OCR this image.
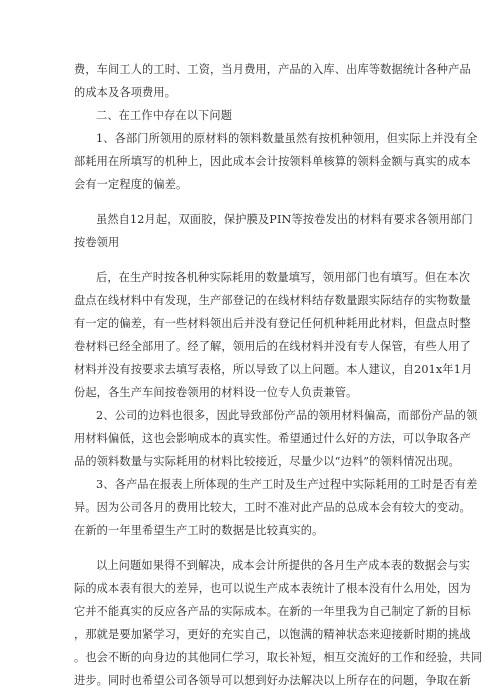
费，车间工人的工时、工资，当月费用，产品的入库、出库等数据统计各种产品
的成本及各项费用。
二、在工作中存在以下问题
1、各部门所领用的原材料的领料数量虽然有按机种领用，但实际上并没有全
部耗用在所填写的机种上，因此成本会计按领料单核算的领料金额与真实的成本
会有一定程度的偏差。
虽然自12月起，双面胶，保护膜及PIN等按卷发出的材料有要求各领用部门
按卷领用
后，在生产时按各机种实际耗用的数量填写，领用部门也有填写。但在本次
盘点在线材料中有发现，生产部登记的在线材料结存数量跟实际结存的实物数量
有一定的偏差，有一些材料领出后并没有登记任何机种耗用此材料，但盘点时整
卷材料已经全部用了。经了解，领用后的在线材料并没有专人保管，有些人用了
材料并没有按要求去填写表格，所以导致了以上问题。本人建议，自201x年1月
份起，各生产车间按卷领用的材料设一位专人负责兼管。
2、公司的边料也很多，因此导致部份产品的领用材料偏高，而部份产品的领
用材料偏低，这也会影响成本的真实性。希望通过什么好的方法，可以争取各产
品的领料数量与实际耗用的材料比较接近，尽量少以“边料”的领料情况出现。
3、各产品在报表上所体现的生产工时及生产过程中实际耗用的工时是否有差
异。因为公司各月的费用比较大，工时不准对此产品的总成本会有较大的变动。
在新的一年里希望生产工时的数据是比较真实的。
以上问题如果得不到解决，成本会计所提供的各月生产成本表的数据会与实
际的成本表有很大的差异，也可以说生产成本表统计了根本没有什么用处，因为
它并不能真实的反应各产品的实际成本。在新的一年里我为自己制定了新的目标
，那就是要加紧学习，更好的充实自己，以饱满的精神状态来迎接新时期的挑战
。也会不断的向身边的其他同仁学习，取长补短，相互交流好的工作和经验，共同
进步。同时也希望公司各领导可以想到好办法解决以上所存在的问题，争取在新
